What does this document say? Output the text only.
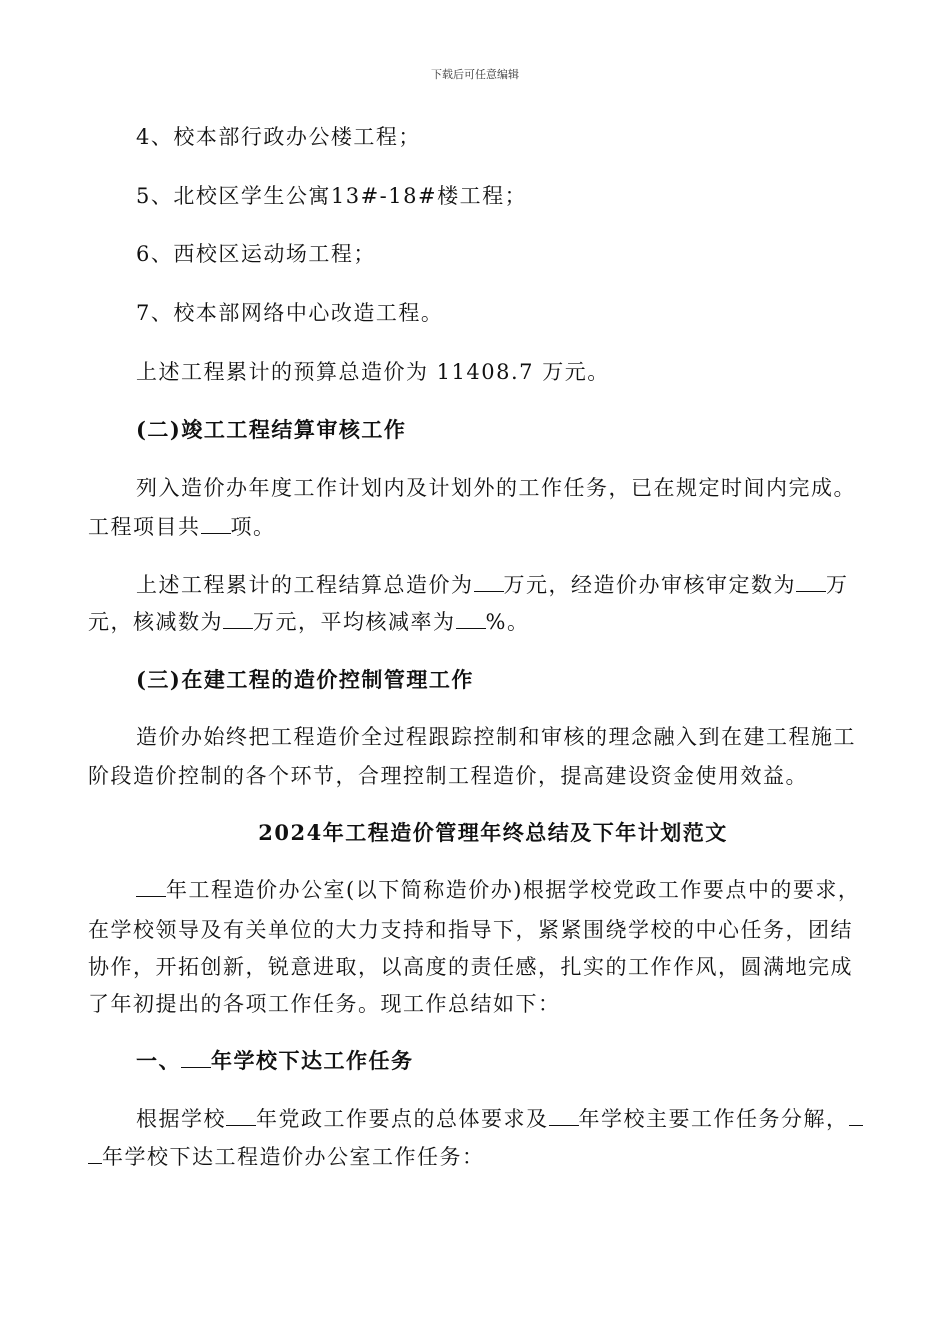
下载后可任意编辑
4、校本部行政办公楼工程；
5、北校区学生公寓13#-18#楼工程；
6、西校区运动场工程；
7、校本部网络中心改造工程。
上述工程累计的预算总造价为 11408.7 万元。
(二)竣工工程结算审核工作
列入造价办年度工作计划内及计划外的工作任务，已在规定时间内完成。
工程项目共 项。
上述工程累计的工程结算总造价为 万元，经造价办审核审定数为 万
元，核减数为 万元，平均核减率为 %。
(三)在建工程的造价控制管理工作
造价办始终把工程造价全过程跟踪控制和审核的理念融入到在建工程施工
阶段造价控制的各个环节，合理控制工程造价，提高建设资金使用效益。
2024年工程造价管理年终总结及下年计划范文
年工程造价办公室(以下简称造价办)根据学校党政工作要点中的要求，
在学校领导及有关单位的大力支持和指导下，紧紧围绕学校的中心任务，团结
协作，开拓创新，锐意进取，以高度的责任感，扎实的工作作风，圆满地完成
了年初提出的各项工作任务。现工作总结如下：
一、 年学校下达工作任务
根据学校 年党政工作要点的总体要求及 年学校主要工作任务分解，
年学校下达工程造价办公室工作任务：
